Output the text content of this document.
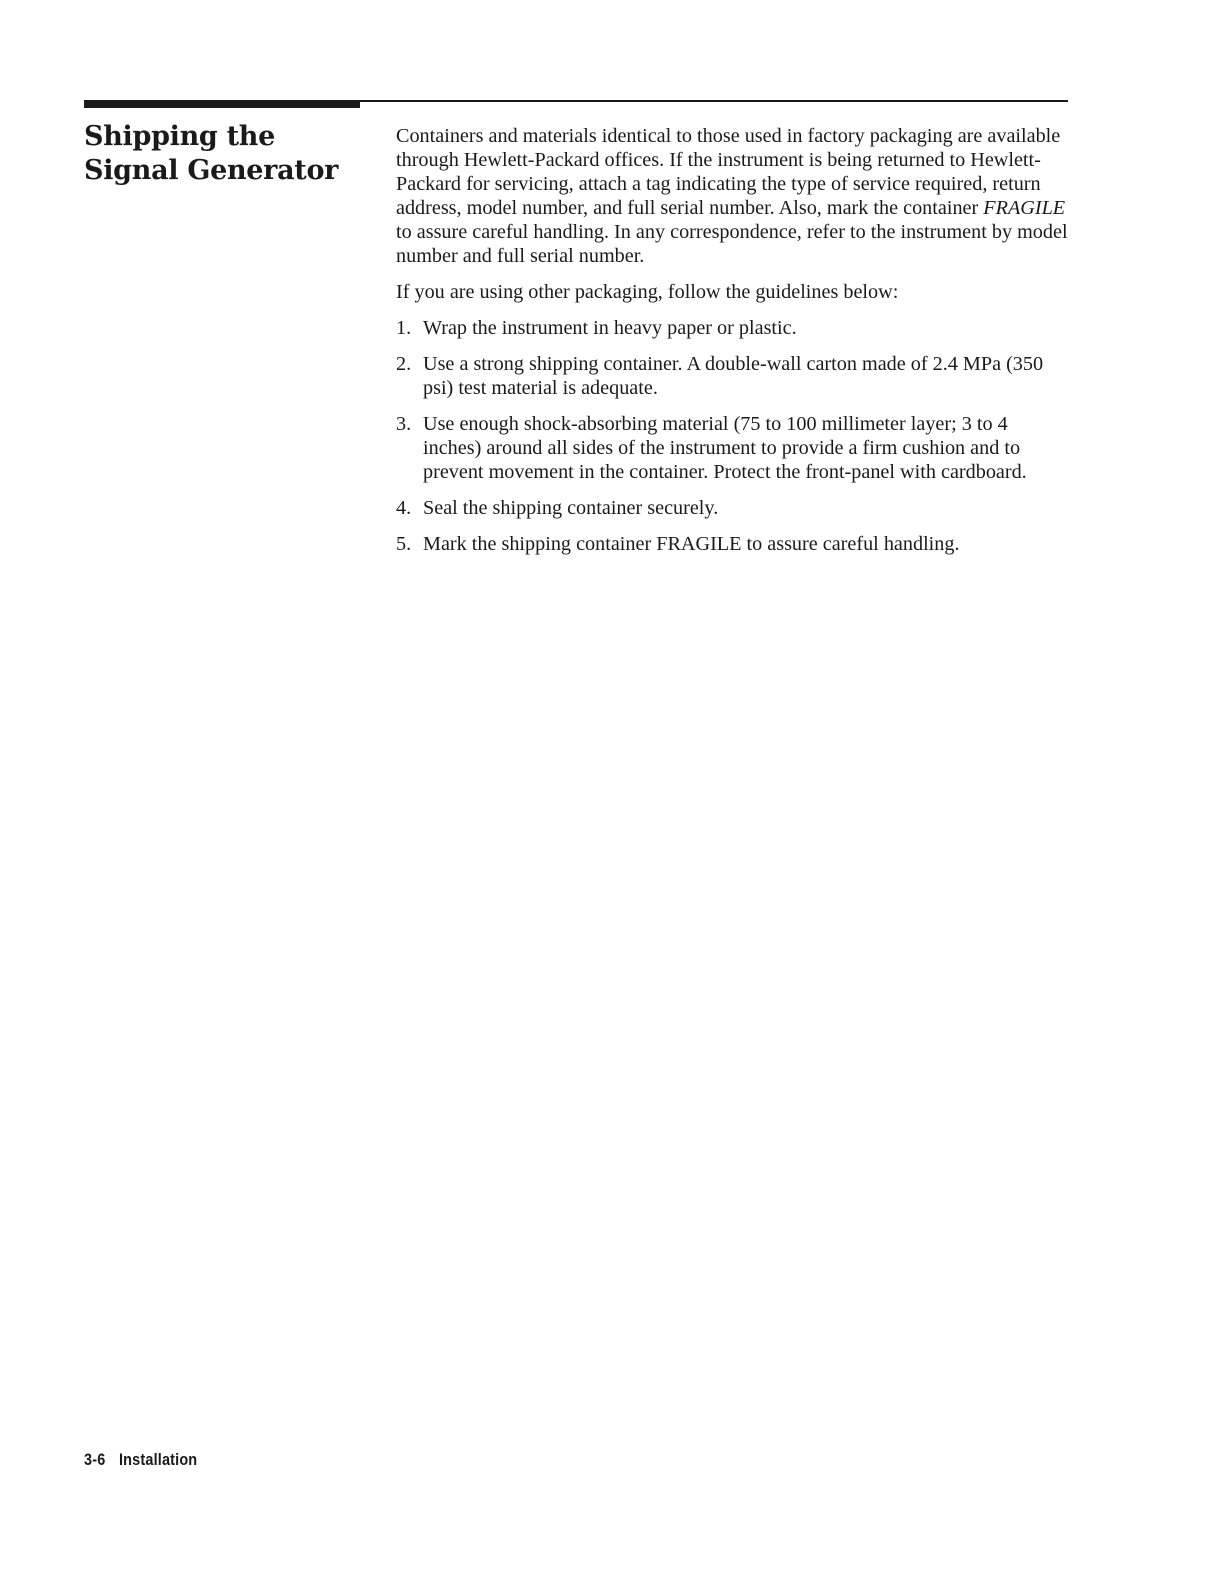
Shipping the Signal Generator

Containers and materials identical to those used in factory packaging are available through Hewlett-Packard offices. If the instrument is being returned to Hewlett-Packard for servicing, attach a tag indicating the type of service required, return address, model number, and full serial number. Also, mark the container FRAGILE to assure careful handling. In any correspondence, refer to the instrument by model number and full serial number.

If you are using other packaging, follow the guidelines below:

1. Wrap the instrument in heavy paper or plastic.
2. Use a strong shipping container. A double-wall carton made of 2.4 MPa (350 psi) test material is adequate.
3. Use enough shock-absorbing material (75 to 100 millimeter layer; 3 to 4 inches) around all sides of the instrument to provide a firm cushion and to prevent movement in the container. Protect the front-panel with cardboard.
4. Seal the shipping container securely.
5. Mark the shipping container FRAGILE to assure careful handling.
3-6 Installation
